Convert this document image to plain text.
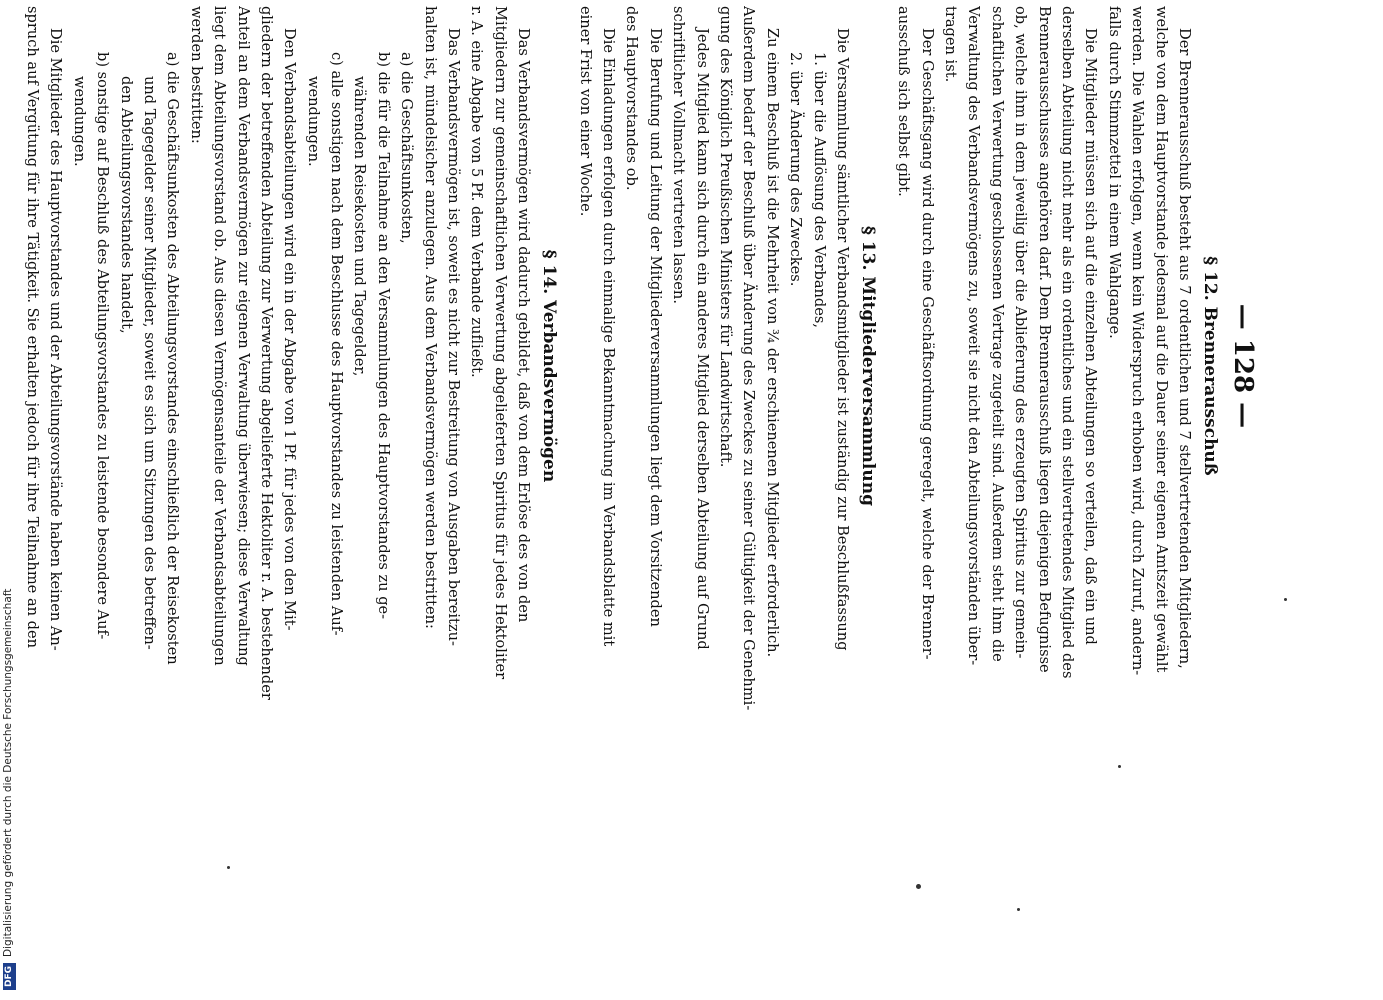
— 128 —
§ 12. Brennerausschuß
Der Brennerausschuß besteht aus 7 ordentlichen und 7 stellvertretenden Mitgliedern,
welche von dem Hauptvorstande jedesmal auf die Dauer seiner eigenen Amtszeit gewählt
werden. Die Wahlen erfolgen, wenn kein Widerspruch erhoben wird, durch Zuruf, andern-
falls durch Stimmzettel in einem Wahlgange.
Die Mitglieder müssen sich auf die einzelnen Abteilungen so verteilen, daß ein und
derselben Abteilung nicht mehr als ein ordentliches und ein stellvertretendes Mitglied des
Brennerausschusses angehören darf. Dem Brennerausschuß liegen diejenigen Befugnisse
ob, welche ihm in dem jeweilig über die Ablieferung des erzeugten Spiritus zur gemein-
schaftlichen Verwertung geschlossenen Vertrage zugeteilt sind. Außerdem steht ihm die
Verwaltung des Verbandsvermögens zu, soweit sie nicht den Abteilungsvorständen über-
tragen ist.
Der Geschäftsgang wird durch eine Geschäftsordnung geregelt, welche der Brenner-
ausschuß sich selbst gibt.
§ 13. Mitgliederversammlung
Die Versammlung sämtlicher Verbandsmitglieder ist zuständig zur Beschlußfassung
1. über die Auflösung des Verbandes,
2. über Änderung des Zweckes.
Zu einem Beschluß ist die Mehrheit von ¾ der erschienenen Mitglieder erforderlich.
Außerdem bedarf der Beschluß über Änderung des Zweckes zu seiner Gültigkeit der Genehmi-
gung des Königlich Preußischen Ministers für Landwirtschaft.
Jedes Mitglied kann sich durch ein anderes Mitglied derselben Abteilung auf Grund
schriftlicher Vollmacht vertreten lassen.
Die Berufung und Leitung der Mitgliederversammlungen liegt dem Vorsitzenden
des Hauptvorstandes ob.
Die Einladungen erfolgen durch einmalige Bekanntmachung im Verbandsblatte mit
einer Frist von einer Woche.
§ 14. Verbandsvermögen
Das Verbandsvermögen wird dadurch gebildet, daß von dem Erlöse des von den
Mitgliedern zur gemeinschaftlichen Verwertung abgelieferten Spiritus für jedes Hektoliter
r. A. eine Abgabe von 5 Pf. dem Verbande zufließt.
Das Verbandsvermögen ist, soweit es nicht zur Bestreitung von Ausgaben bereitzu-
halten ist, mündelsicher anzulegen. Aus dem Verbandsvermögen werden bestritten:
a) die Geschäftsunkosten,
b) die für die Teilnahme an den Versammlungen des Hauptvorstandes zu ge-
währenden Reisekosten und Tagegelder,
c) alle sonstigen nach dem Beschlusse des Hauptvorstandes zu leistenden Auf-
wendungen.
Den Verbandsabteilungen wird ein in der Abgabe von 1 Pf. für jedes von den Mit-
gliedern der betreffenden Abteilung zur Verwertung abgelieferte Hektoliter r. A. bestehender
Anteil an dem Verbandsvermögen zur eigenen Verwaltung überwiesen; diese Verwaltung
liegt dem Abteilungsvorstand ob. Aus diesen Vermögensanteile der Verbandsabteilungen
werden bestritten:
a) die Geschäftsunkosten des Abteilungsvorstandes einschließlich der Reisekosten
und Tagegelder seiner Mitglieder, soweit es sich um Sitzungen des betreffen-
den Abteilungsvorstandes handelt,
b) sonstige auf Beschluß des Abteilungsvorstandes zu leistende besondere Auf-
wendungen.
Die Mitglieder des Hauptvorstandes und der Abteilungsvorstände haben keinen An-
spruch auf Vergütung für ihre Tätigkeit. Sie erhalten jedoch für ihre Teilnahme an den
DFGDigitalisierung gefördert durch die Deutsche Forschungsgemeinschaft
